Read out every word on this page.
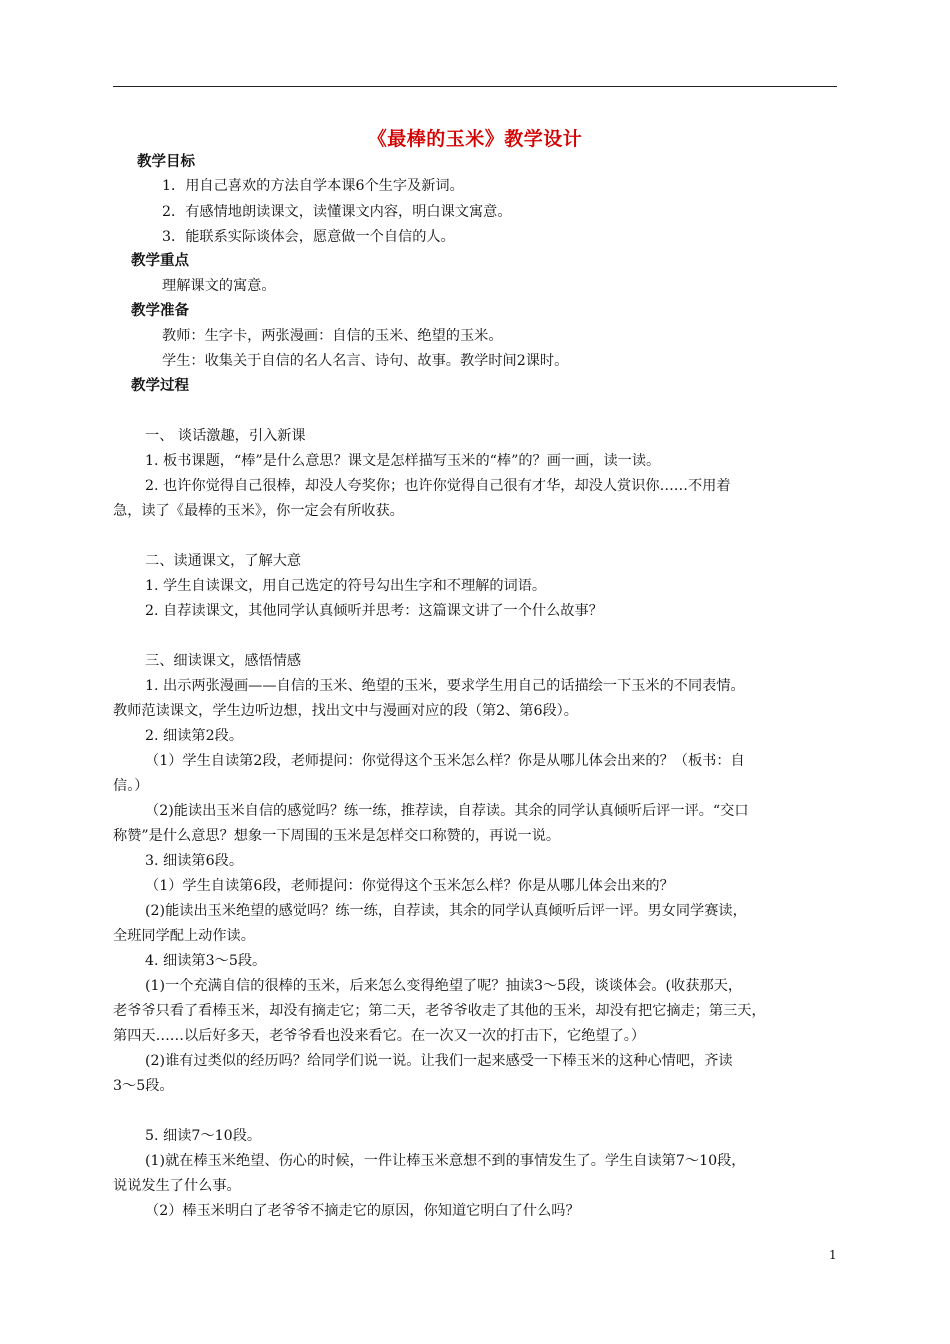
《最棒的玉米》教学设计
教学目标
1．用自己喜欢的方法自学本课6个生字及新词。
2．有感情地朗读课文，读懂课文内容，明白课文寓意。
3．能联系实际谈体会，愿意做一个自信的人。
教学重点
理解课文的寓意。
教学准备
教师：生字卡，两张漫画：自信的玉米、绝望的玉米。
学生：收集关于自信的名人名言、诗句、故事。教学时间2课时。
教学过程
一、 谈话激趣，引入新课
1. 板书课题，“棒”是什么意思？课文是怎样描写玉米的“棒”的？画一画，读一读。
2. 也许你觉得自己很棒，却没人夸奖你；也许你觉得自己很有才华，却没人赏识你……不用着
急，读了《最棒的玉米》，你一定会有所收获。
二、读通课文，了解大意
1. 学生自读课文，用自己选定的符号勾出生字和不理解的词语。
2. 自荐读课文，其他同学认真倾听并思考：这篇课文讲了一个什么故事？
三、细读课文，感悟情感
1. 出示两张漫画——自信的玉米、绝望的玉米，要求学生用自己的话描绘一下玉米的不同表情。
教师范读课文，学生边听边想，找出文中与漫画对应的段（第2、第6段）。
2. 细读第2段。
（1）学生自读第2段，老师提问：你觉得这个玉米怎么样？你是从哪儿体会出来的？（板书：自
信。）
（2)能读出玉米自信的感觉吗？练一练，推荐读，自荐读。其余的同学认真倾听后评一评。“交口
称赞”是什么意思？想象一下周围的玉米是怎样交口称赞的，再说一说。
3. 细读第6段。
（1）学生自读第6段，老师提问：你觉得这个玉米怎么样？你是从哪儿体会出来的？
(2)能读出玉米绝望的感觉吗？练一练，自荐读，其余的同学认真倾听后评一评。男女同学赛读，
全班同学配上动作读。
4. 细读第3～5段。
(1)一个充满自信的很棒的玉米，后来怎么变得绝望了呢？抽读3～5段，谈谈体会。(收获那天，
老爷爷只看了看棒玉米，却没有摘走它；第二天，老爷爷收走了其他的玉米，却没有把它摘走；第三天，
第四天……以后好多天，老爷爷看也没来看它。在一次又一次的打击下，它绝望了。）
(2)谁有过类似的经历吗？给同学们说一说。让我们一起来感受一下棒玉米的这种心情吧，齐读
3～5段。
5. 细读7～10段。
(1)就在棒玉米绝望、伤心的时候，一件让棒玉米意想不到的事情发生了。学生自读第7～10段，
说说发生了什么事。
（2）棒玉米明白了老爷爷不摘走它的原因，你知道它明白了什么吗？
1
